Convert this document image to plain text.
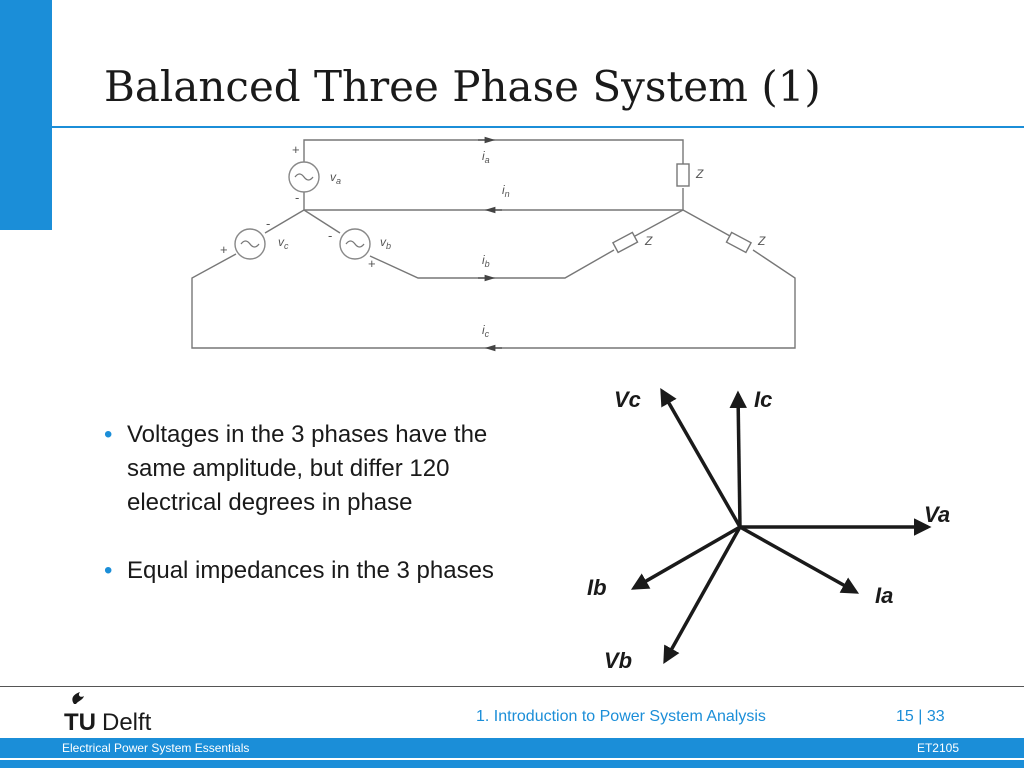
Balanced Three Phase System (1)
$v_a$
$v_c$	$v_b$
$i_a$
$i_n$
$i_b$
$i_c$
Z
Z	Z
+
-
+
-
-
+
• Voltages in the 3 phases have the same amplitude, but differ 120 electrical degrees in phase
• Equal impedances in the 3 phases
Vc	Ic
Va
Ib	Ia
Vb
TU Delft	1. Introduction to Power System Analysis	15 | 33
Electrical Power System Essentials	ET2105
